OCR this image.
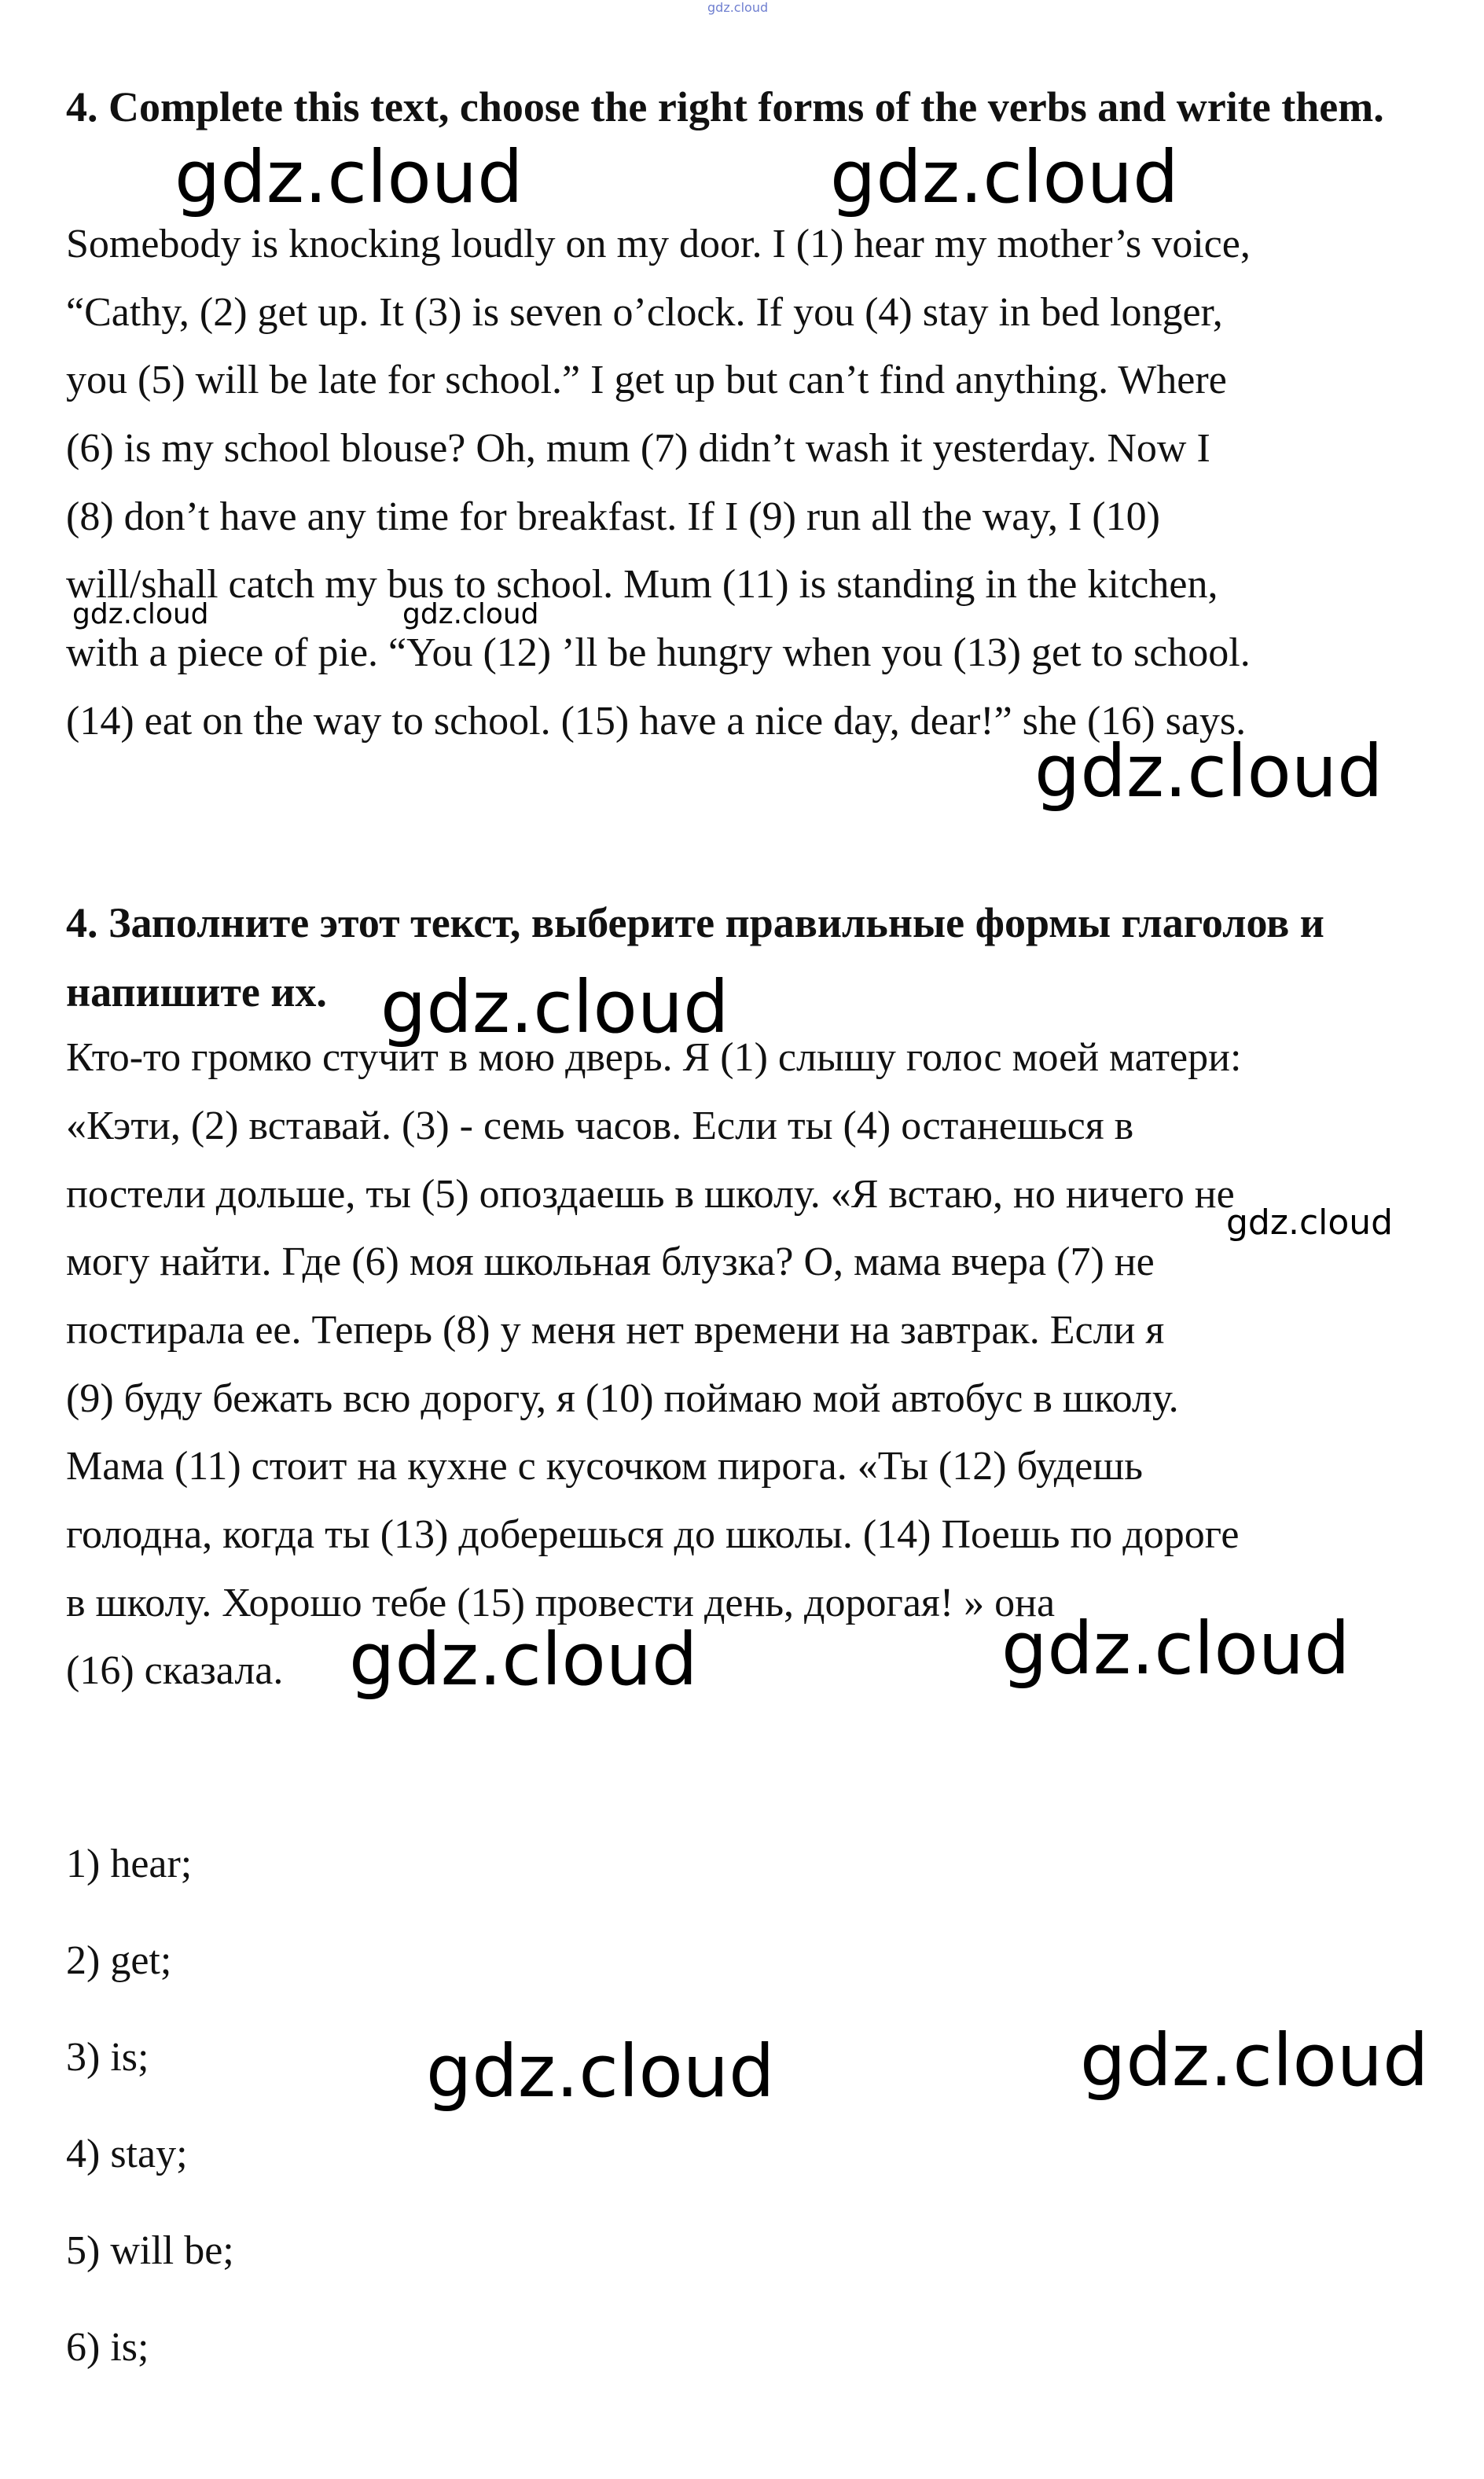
gdz.cloud
4. Complete this text, choose the right forms of the verbs and write them.

Somebody is knocking loudly on my door. I (1) hear my mother’s voice,

“Cathy, (2) get up. It (3) is seven o’clock. If you (4) stay in bed longer,

you (5) will be late for school.” I get up but can’t find anything. Where

(6) is my school blouse? Oh, mum (7) didn’t wash it yesterday. Now I

(8) don’t have any time for breakfast. If I (9) run all the way, I (10)

will/shall catch my bus to school. Mum (11) is standing in the kitchen,

with a piece of pie. “You (12) ’ll be hungry when you (13) get to school.

(14) eat on the way to school. (15) have a nice day, dear!” she (16) says.

4. Заполните этот текст, выберите правильные формы глаголов и напишите их.

Кто-то громко стучит в мою дверь. Я (1) слышу голос моей матери:

«Кэти, (2) вставай. (3) - семь часов. Если ты (4) останешься в

постели дольше, ты (5) опоздаешь в школу. «Я встаю, но ничего не

могу найти. Где (6) моя школьная блузка? О, мама вчера (7) не

постирала ее. Теперь (8) у меня нет времени на завтрак. Если я

(9) буду бежать всю дорогу, я (10) поймаю мой автобус в школу.

Мама (11) стоит на кухне с кусочком пирога. «Ты (12) будешь

голодна, когда ты (13) доберешься до школы. (14) Поешь по дороге

в школу. Хорошо тебе (15) провести день, дорогая! » она

(16) сказала.

1) hear;

2) get;

3) is;

4) stay;

5) will be;

6) is;

gdz.cloud	gdz.cloud
gdz.cloud	gdz.cloud
gdz.cloud
gdz.cloud
gdz.cloud
gdz.cloud	gdz.cloud
gdz.cloud	gdz.cloud
